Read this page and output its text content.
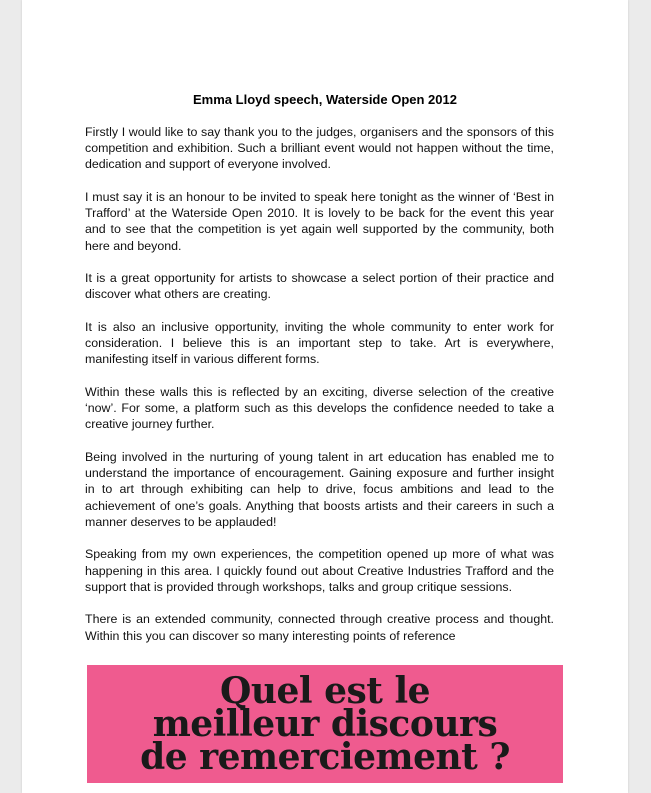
Emma Lloyd speech, Waterside Open 2012

Firstly I would like to say thank you to the judges, organisers and the sponsors of this competition and exhibition. Such a brilliant event would not happen without the time, dedication and support of everyone involved.

I must say it is an honour to be invited to speak here tonight as the winner of ‘Best in Trafford’ at the Waterside Open 2010. It is lovely to be back for the event this year and to see that the competition is yet again well supported by the community, both here and beyond.

It is a great opportunity for artists to showcase a select portion of their practice and discover what others are creating.

It is also an inclusive opportunity, inviting the whole community to enter work for consideration. I believe this is an important step to take. Art is everywhere, manifesting itself in various different forms.

Within these walls this is reflected by an exciting, diverse selection of the creative ‘now’. For some, a platform such as this develops the confidence needed to take a creative journey further.

Being involved in the nurturing of young talent in art education has enabled me to understand the importance of encouragement. Gaining exposure and further insight in to art through exhibiting can help to drive, focus ambitions and lead to the achievement of one’s goals. Anything that boosts artists and their careers in such a manner deserves to be applauded!

Speaking from my own experiences, the competition opened up more of what was happening in this area. I quickly found out about Creative Industries Trafford and the support that is provided through workshops, talks and group critique sessions.

There is an extended community, connected through creative process and thought. Within this you can discover so many interesting points of reference

Quel est le
meilleur discours
de remerciement ?
